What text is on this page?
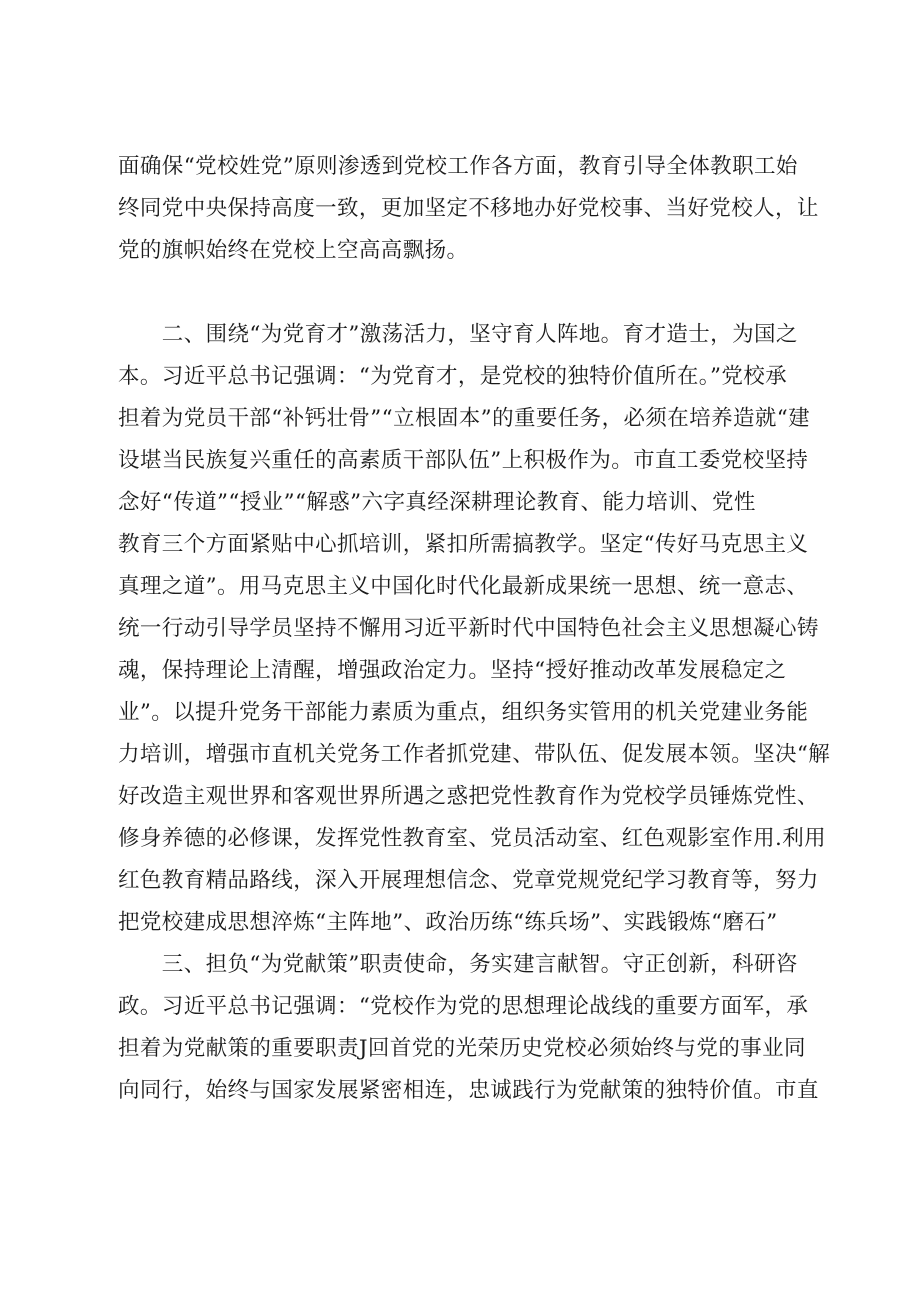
面确保“党校姓党”原则渗透到党校工作各方面，教育引导全体教职工始
终同党中央保持高度一致，更加坚定不移地办好党校事、当好党校人，让
党的旗帜始终在党校上空高高飘扬。
　　二、围绕“为党育才”激荡活力，坚守育人阵地。育才造士，为国之
本。习近平总书记强调：“为党育才，是党校的独特价值所在。”党校承
担着为党员干部“补钙壮骨”“立根固本”的重要任务，必须在培养造就“建
设堪当民族复兴重任的高素质干部队伍”上积极作为。市直工委党校坚持
念好“传道”“授业”“解惑”六字真经深耕理论教育、能力培训、党性
教育三个方面紧贴中心抓培训，紧扣所需搞教学。坚定“传好马克思主义
真理之道”。用马克思主义中国化时代化最新成果统一思想、统一意志、
统一行动引导学员坚持不懈用习近平新时代中国特色社会主义思想凝心铸
魂，保持理论上清醒，增强政治定力。坚持“授好推动改革发展稳定之
业”。以提升党务干部能力素质为重点，组织务实管用的机关党建业务能
力培训，增强市直机关党务工作者抓党建、带队伍、促发展本领。坚决“解
好改造主观世界和客观世界所遇之惑把党性教育作为党校学员锤炼党性、
修身养德的必修课，发挥党性教育室、党员活动室、红色观影室作用.利用
红色教育精品路线，深入开展理想信念、党章党规党纪学习教育等，努力
把党校建成思想淬炼“主阵地”、政治历练“练兵场”、实践锻炼“磨石”
　　三、担负“为党献策”职责使命，务实建言献智。守正创新，科研咨
政。习近平总书记强调：“党校作为党的思想理论战线的重要方面军，承
担着为党献策的重要职责J回首党的光荣历史党校必须始终与党的事业同
向同行，始终与国家发展紧密相连，忠诚践行为党献策的独特价值。市直
